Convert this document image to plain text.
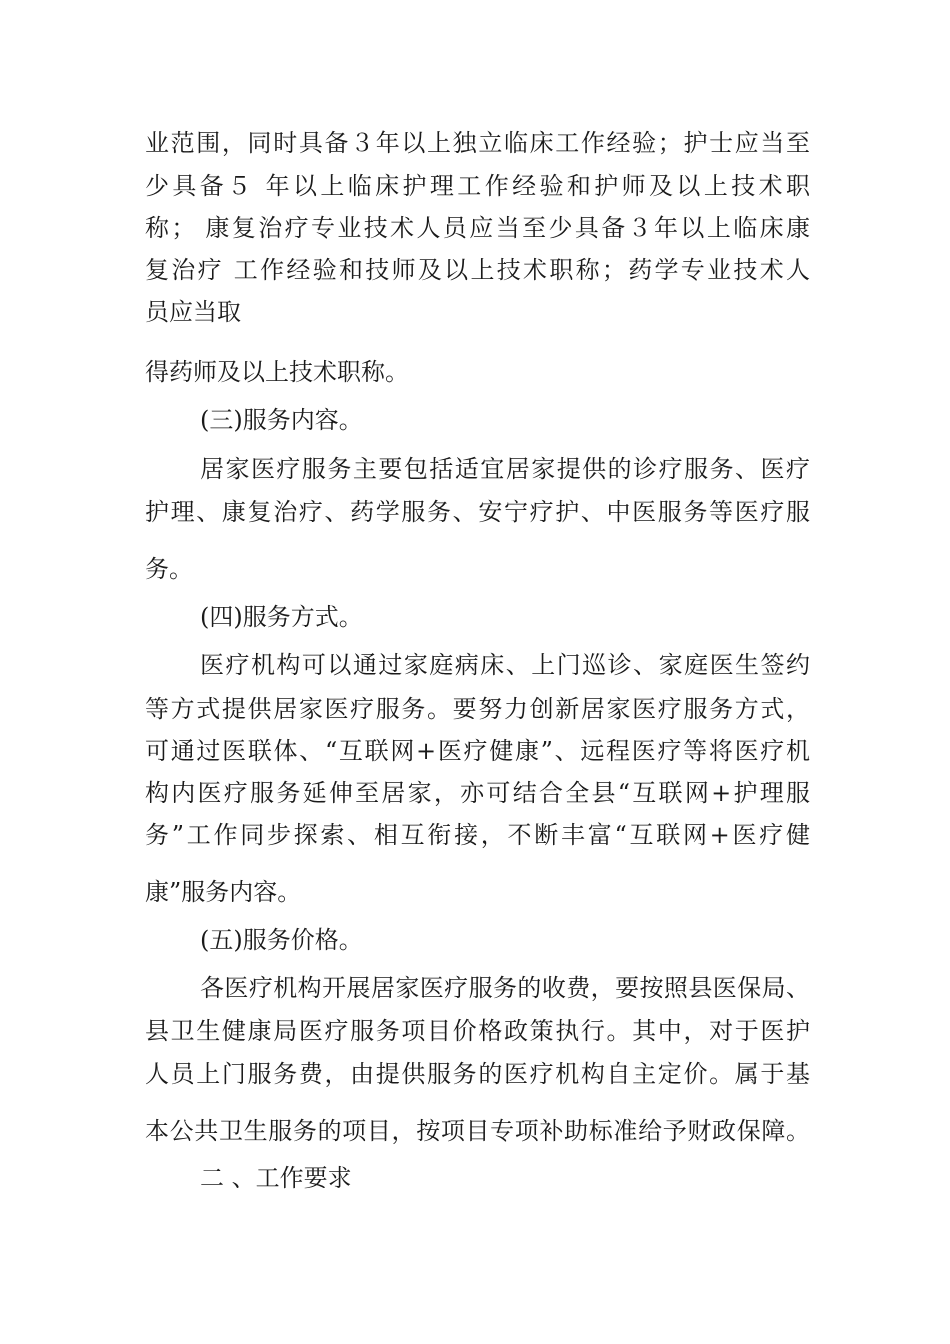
业范围，同时具备３年以上独立临床工作经验；护士应当至

少具备５ 年以上临床护理工作经验和护师及以上技术职

称； 康复治疗专业技术人员应当至少具备３年以上临床康

复治疗 工作经验和技师及以上技术职称；药学专业技术人

员应当取

得药师及以上技术职称。

(三)服务内容。

居家医疗服务主要包括适宜居家提供的诊疗服务、医疗

护理、康复治疗、药学服务、安宁疗护、中医服务等医疗服

务。

(四)服务方式。

医疗机构可以通过家庭病床、上门巡诊、家庭医生签约

等方式提供居家医疗服务。要努力创新居家医疗服务方式，

可通过医联体、“互联网+医疗健康”、远程医疗等将医疗机

构内医疗服务延伸至居家，亦可结合全县“互联网+护理服

务”工作同步探索、相互衔接，不断丰富“互联网+医疗健

康”服务内容。

(五)服务价格。

各医疗机构开展居家医疗服务的收费，要按照县医保局、

县卫生健康局医疗服务项目价格政策执行。其中，对于医护

人员上门服务费，由提供服务的医疗机构自主定价。属于基

本公共卫生服务的项目，按项目专项补助标准给予财政保障。

二 、工作要求
